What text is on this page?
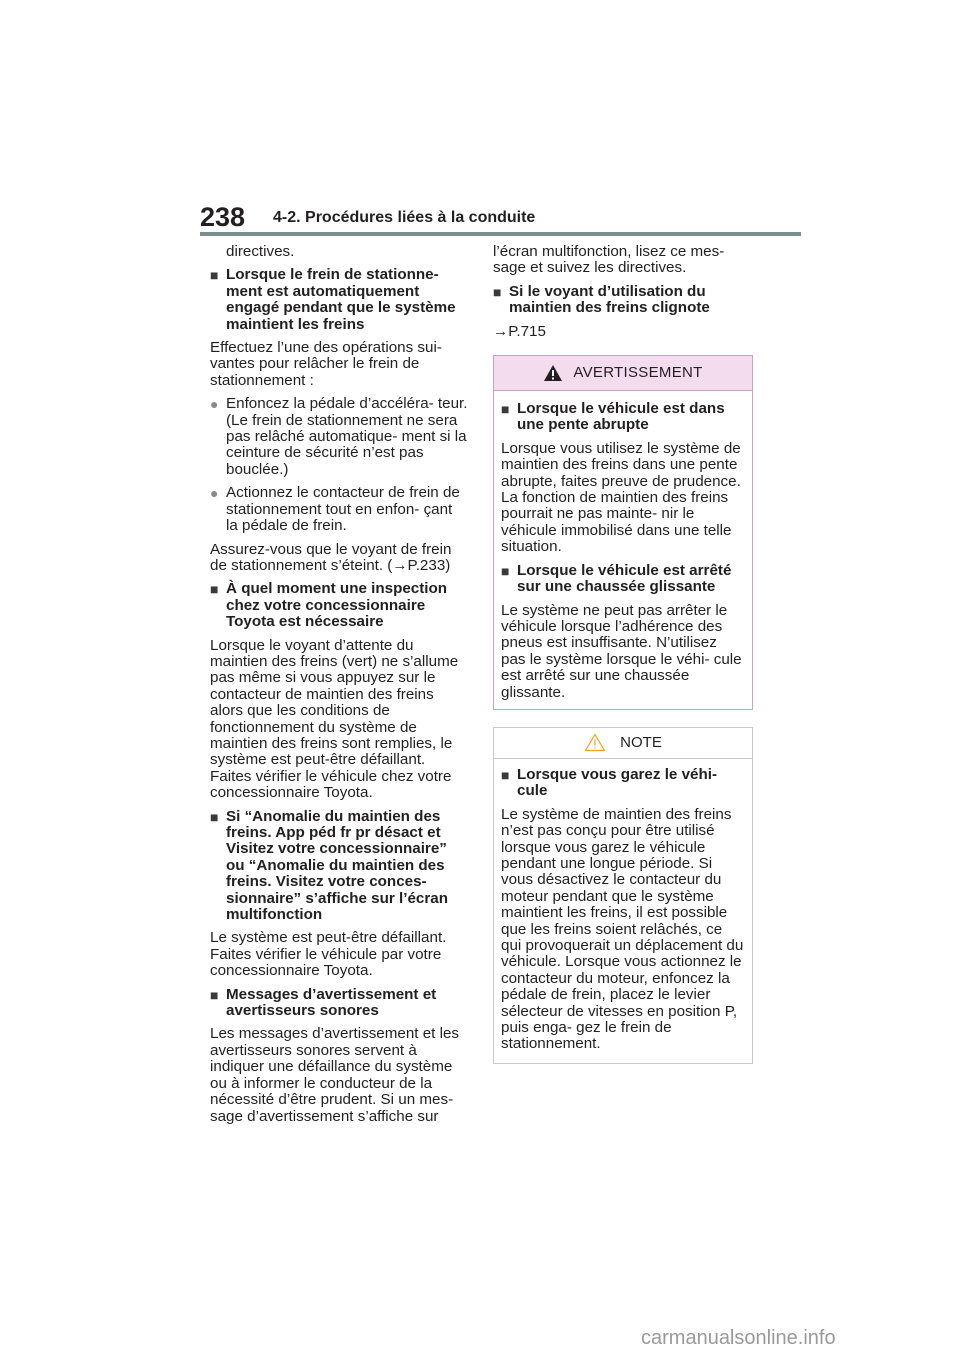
238 4-2. Procédures liées à la conduite

directives.

■ Lorsque le frein de stationne- ment est automatiquement engagé pendant que le système maintient les freins

Effectuez l’une des opérations sui- vantes pour relâcher le frein de stationnement :

● Enfoncez la pédale d’accéléra- teur. (Le frein de stationnement ne sera pas relâché automatique- ment si la ceinture de sécurité n’est pas bouclée.)
● Actionnez le contacteur de frein de stationnement tout en enfon- çant la pédale de frein.

Assurez-vous que le voyant de frein de stationnement s’éteint. (→P.233)

■ À quel moment une inspection chez votre concessionnaire Toyota est nécessaire

Lorsque le voyant d’attente du maintien des freins (vert) ne s’allume pas même si vous appuyez sur le contacteur de maintien des freins alors que les conditions de fonctionnement du système de maintien des freins sont remplies, le système est peut-être défaillant. Faites vérifier le véhicule chez votre concessionnaire Toyota.

■ Si “Anomalie du maintien des freins. App péd fr pr désact et Visitez votre concessionnaire” ou “Anomalie du maintien des freins. Visitez votre conces- sionnaire” s’affiche sur l’écran multifonction

Le système est peut-être défaillant. Faites vérifier le véhicule par votre concessionnaire Toyota.

■ Messages d’avertissement et avertisseurs sonores

Les messages d’avertissement et les avertisseurs sonores servent à indiquer une défaillance du système ou à informer le conducteur de la nécessité d’être prudent. Si un mes- sage d’avertissement s’affiche sur

l’écran multifonction, lisez ce mes- sage et suivez les directives.

■ Si le voyant d’utilisation du maintien des freins clignote

→P.715

AVERTISSEMENT
■ Lorsque le véhicule est dans une pente abrupte

Lorsque vous utilisez le système de maintien des freins dans une pente abrupte, faites preuve de prudence. La fonction de maintien des freins pourrait ne pas mainte- nir le véhicule immobilisé dans une telle situation.

■ Lorsque le véhicule est arrêté sur une chaussée glissante

Le système ne peut pas arrêter le véhicule lorsque l’adhérence des pneus est insuffisante. N’utilisez pas le système lorsque le véhi- cule est arrêté sur une chaussée glissante.

NOTE
■ Lorsque vous garez le véhi- cule

Le système de maintien des freins n’est pas conçu pour être utilisé lorsque vous garez le véhicule pendant une longue période. Si vous désactivez le contacteur du moteur pendant que le système maintient les freins, il est possible que les freins soient relâchés, ce qui provoquerait un déplacement du véhicule. Lorsque vous actionnez le contacteur du moteur, enfoncez la pédale de frein, placez le levier sélecteur de vitesses en position P, puis enga- gez le frein de stationnement.

carmanualsonline.info
